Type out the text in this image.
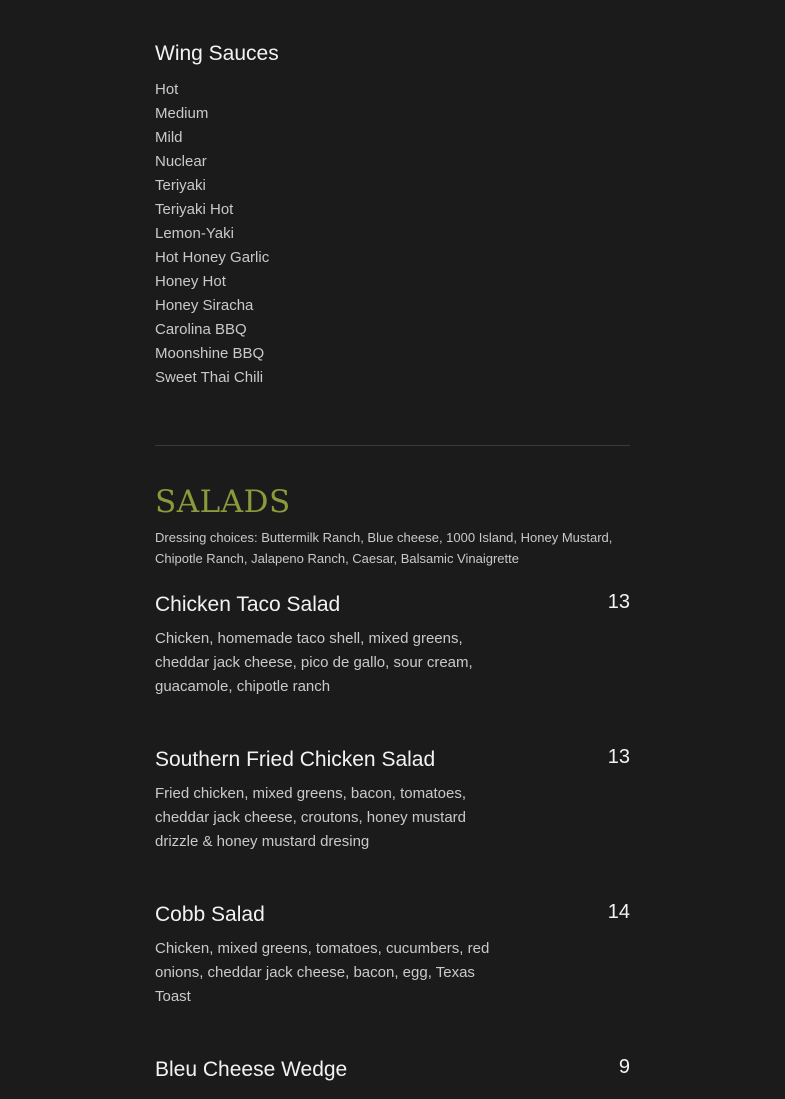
Wing Sauces
Hot
Medium
Mild
Nuclear
Teriyaki
Teriyaki Hot
Lemon-Yaki
Hot Honey Garlic
Honey Hot
Honey Siracha
Carolina BBQ
Moonshine BBQ
Sweet Thai Chili
SALADS

Dressing choices: Buttermilk Ranch, Blue cheese, 1000 Island, Honey Mustard, Chipotle Ranch, Jalapeno Ranch, Caesar, Balsamic Vinaigrette

Chicken Taco Salad	13

Chicken, homemade taco shell, mixed greens, cheddar jack cheese, pico de gallo, sour cream, guacamole, chipotle ranch

Southern Fried Chicken Salad	13

Fried chicken, mixed greens, bacon, tomatoes, cheddar jack cheese, croutons, honey mustard drizzle & honey mustard dresing

Cobb Salad	14

Chicken, mixed greens, tomatoes, cucumbers, red onions, cheddar jack cheese, bacon, egg, Texas Toast

Bleu Cheese Wedge	9
